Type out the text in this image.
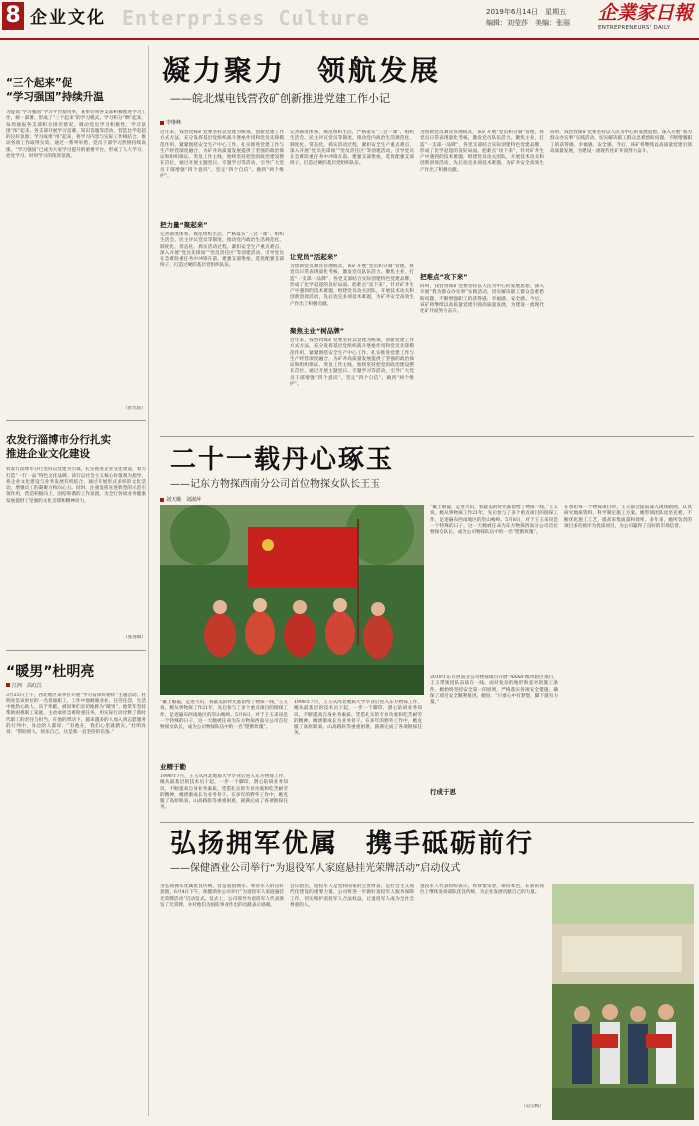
8 企业文化 Enterprises Culture	2019年6月14日　星期五
编辑：刘莹莎　美编：张丽 企業家日報
ENTREPRENEURS' DAILY
“三个起来”促
“学习强国”持续升温
为提高“学习强国”学习平台使用率，某单位将各支部积极推进学习工作，统一部署，形成了“三个起来”的学习模式。学习积分“晒”起来，每周通报各支部积分排名情况，调动党员学习积极性；学习氛围“浓”起来，各支部开展学习竞赛、知识答题等活动，营造比学赶超的良好氛围；学习成果“用”起来，将学习内容与实际工作相结合，推动各项工作取得实效。通过一系列举措，党员干部学习热情持续高涨，“学习强国”已成为大家学习提升的重要平台，形成了人人学习、处处学习、时时学习的浓厚氛围。
（彭光滨）
农发行淄博市分行扎实
推进企业文化建设
农发行淄博市分行坚持以党建为引领，扎实推进企业文化建设，着力打造“一行一品”特色文化品牌。该行以社会主义核心价值观为指导，将企业文化建设与业务发展有机结合，通过开展形式多样的文化活动，增强员工的凝聚力和向心力。同时，注重发挥先进典型的示范引领作用，营造积极向上、团结和谐的工作氛围，为全行各项业务健康发展提供了坚强的文化支撑和精神动力。
（张春镇）
“暖男”杜明亮
江西　高红江
3月25日上午，西北地区某单位开展“学习雷锋好榜样”主题活动。杜明亮是该单位的一名普通职工，工作中他兢兢业业、任劳任怨，生活中他热心助人、乐于奉献，被同事们亲切地称为“暖男”。他常年坚持帮助困难职工家庭，主动承担急难险重任务，用实际行动诠释了新时代职工的责任与担当。在他的带动下，越来越多的人加入到志愿服务的行列中，身边的人都说：“有他在，我们心里就踏实。”杜明亮说：“帮助别人，快乐自己，这是我一直坚持的信条。”
凝力聚力　领航发展
——皖北煤电钱营孜矿创新推进党建工作小记
李继峰
近年来，钱营孜煤矿党委坚持以党建为统领，创新党建工作方式方法，充分发挥基层党组织战斗堡垒作用和党员先锋模范作用，紧紧围绕安全生产中心工作，扎实推进党建工作与生产经营深度融合，为矿井高质量发展提供了坚强的政治保证和组织保证。突显工作主线，始终坚持把党的政治建设摆在首位，通过开展主题党日、专题学习等活动，引导广大党员干部增强“四个意识”、坚定“四个自信”、做到“两个维护”。
把力量“聚起来”
完善制度体系，规范组织生活，严格落实“三会一课”、组织生活会、民主评议党员等制度，推动党内政治生活规范化、制度化、常态化。抓实活动过程，紧扣安全生产重点难点，深入开展“党员先锋岗”“党员责任区”等创建活动，引导党员在急难险重任务中冲锋在前。建强支部堡垒，选优配强支部班子，打造过硬的基层党组织队伍。
完善制度体系，规范组织生活，严格落实“三会一课”、组织生活会、民主评议党员等制度，推动党内政治生活规范化、制度化、常态化。抓实活动过程，紧扣安全生产重点难点，深入开展“党员先锋岗”“党员责任区”等创建活动，引导党员在急难险重任务中冲锋在前。建强支部堡垒，选优配强支部班子，打造过硬的基层党组织队伍。
让党员“活起来”
为创新党员教育管理模式，该矿开展“党员积分制”管理，将党员日常表现量化考核，激发党员队伍活力。聚焦主业，打造“一支部一品牌”，各党支部结合实际创建特色党建品牌，形成了比学赶超的良好局面。把难点“攻下来”，针对矿井生产中遇到的技术难题，组建党员攻关团队，开展技术攻关和创新创效活动，先后攻克多项技术难题，为矿井安全高效生产作出了积极贡献。
聚焦主业“树品牌”
近年来，钱营孜煤矿党委坚持以党建为统领，创新党建工作方式方法，充分发挥基层党组织战斗堡垒作用和党员先锋模范作用，紧紧围绕安全生产中心工作，扎实推进党建工作与生产经营深度融合，为矿井高质量发展提供了坚强的政治保证和组织保证。突显工作主线，始终坚持把党的政治建设摆在首位，通过开展主题党日、专题学习等活动，引导广大党员干部增强“四个意识”、坚定“四个自信”、做到“两个维护”。
为创新党员教育管理模式，该矿开展“党员积分制”管理，将党员日常表现量化考核，激发党员队伍活力。聚焦主业，打造“一支部一品牌”，各党支部结合实际创建特色党建品牌，形成了比学赶超的良好局面。把难点“攻下来”，针对矿井生产中遇到的技术难题，组建党员攻关团队，开展技术攻关和创新创效活动，先后攻克多项技术难题，为矿井安全高效生产作出了积极贡献。
把难点“攻下来”
同时，钱营孜煤矿党委坚持以人民为中心的发展思想，深入开展“我为群众办实事”实践活动，切实解决职工群众急难愁盼问题，不断增强职工的获得感、幸福感、安全感。今后，该矿将继续以高质量党建引领高质量发展，为建设一流现代化矿井而努力奋斗。
同时，钱营孜煤矿党委坚持以人民为中心的发展思想，深入开展“我为群众办实事”实践活动，切实解决职工群众急难愁盼问题，不断增强职工的获得感、幸福感、安全感。今后，该矿将继续以高质量党建引领高质量发展，为建设一流现代化矿井而努力奋斗。
二十一载丹心琢玉
——记东方物探西南分公司首位物探女队长王玉
刘天娥　刘淑萍
“戴上眼镜，走进大山，我最美的时光都留给了物探一线。”王玉说。她从事物探工作21年，先后参与了多个重点项目的勘探工作，足迹遍布西南地区的崇山峻岭。5月8日，对于王玉来说是一个特殊的日子，这一天她被任命为东方物探西南分公司首位物探女队长，成为公司物探队伍中的一名“铿锵玫瑰”。
业精于勤
1998年7月，王玉从河北地质大学毕业后进入东方物探工作，她从最基层的技术员干起，一步一个脚印，潜心钻研业务知识，不断提高自身业务素质。凭借扎实的专业功底和吃苦耐劳的精神，她逐渐成长为业务骨干。在多年的野外工作中，她克服了高原缺氧、山高路险等重重困难，圆满完成了各项勘探任务。
1998年7月，王玉从河北地质大学毕业后进入东方物探工作，她从最基层的技术员干起，一步一个脚印，潜心钻研业务知识，不断提高自身业务素质。凭借扎实的专业功底和吃苦耐劳的精神，她逐渐成长为业务骨干。在多年的野外工作中，她克服了高原缺氧、山高路险等重重困难，圆满完成了各项勘探任务。
“戴上眼镜，走进大山，我最美的时光都留给了物探一线。”王玉说。她从事物探工作21年，先后参与了多个重点项目的勘探工作，足迹遍布西南地区的崇山峻岭。5月8日，对于王玉来说是一个特殊的日子，这一天她被任命为东方物探西南分公司首位物探女队长，成为公司物探队伍中的一名“铿锵玫瑰”。
2018年东方西南分公司物探项目开展“AAAA”级风险区项目，王玉带领团队奋战在一线。面对复杂的地形和恶劣的施工条件，她始终坚持安全第一的原则，严格落实各项安全措施，确保了项目安全顺利推进。她说：“只要心中有梦想，脚下就有力量。”
行成于思
在承担每一个物探项目时，王玉都会提前深入现场踏勘，认真研究地质资料，科学制定施工方案。她带领团队攻坚克难，不断优化施工工艺，提高采集质量和效率。多年来，她所负责的项目多次被评为优质项目，为公司赢得了良好的市场信誉。
弘扬拥军优属　携手砥砺前行
——保健酒业公司举行“为退役军人家庭悬挂光荣牌活动”启动仪式
为弘扬拥军优属优良传统，营造爱国拥军、尊崇军人的良好氛围，6月4日下午，保健酒业公司举行“为退役军人家庭悬挂光荣牌活动”启动仪式。仪式上，公司领导为退役军人代表颁发了光荣牌，并对他们为国防事业作出的贡献表示感谢。
会议指出，退役军人是党和国家的宝贵财富，是社会主义现代化建设的重要力量。公司将进一步做好退役军人服务保障工作，切实维护退役军人合法权益，让退役军人成为全社会尊重的人。
退役军人代表纷纷表示，将珍惜荣誉，保持本色，在新的岗位上继续发扬部队优良传统，为企业发展贡献自己的力量。
（吴宗梅）
